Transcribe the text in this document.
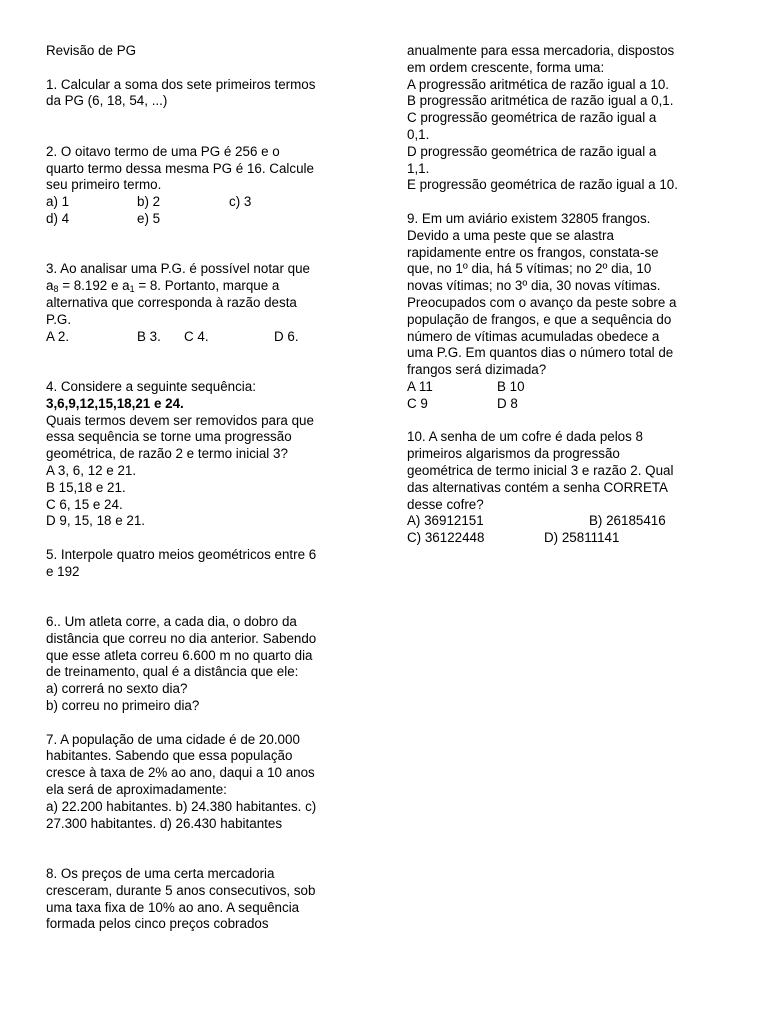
Revisão de PG
1. Calcular a soma dos sete primeiros termos
da PG (6, 18, 54, ...)
2. O oitavo termo de uma PG é 256 e o
quarto termo dessa mesma PG é 16. Calcule
seu primeiro termo.

a) 1

	b) 2

	c) 3

d) 4

	e) 5

3. Ao analisar uma P.G. é possível notar que
$a_8 = 8.192$ e $a_1 = 8$. Portanto, marque a
alternativa que corresponda à razão desta
P.G.

A 2.

	B 3.

C 4.

	D 6.

4. Considere a seguinte sequência:
3,6,9,12,15,18,21 e 24.
Quais termos devem ser removidos para que
essa sequência se torne uma progressão
geométrica, de razão 2 e termo inicial 3?
A 3, 6, 12 e 21.
B 15,18 e 21.
C 6, 15 e 24.
D 9, 15, 18 e 21.
5. Interpole quatro meios geométricos entre 6
e 192
6.. Um atleta corre, a cada dia, o dobro da
distância que correu no dia anterior. Sabendo
que esse atleta correu 6.600 m no quarto dia
de treinamento, qual é a distância que ele:
a) correrá no sexto dia?
b) correu no primeiro dia?
7. A população de uma cidade é de 20.000
habitantes. Sabendo que essa população
cresce à taxa de 2% ao ano, daqui a 10 anos
ela será de aproximadamente:
a) 22.200 habitantes. b) 24.380 habitantes. c)
27.300 habitantes. d) 26.430 habitantes
8. Os preços de uma certa mercadoria
cresceram, durante 5 anos consecutivos, sob
uma taxa fixa de 10% ao ano. A sequência
formada pelos cinco preços cobrados
anualmente para essa mercadoria, dispostos
em ordem crescente, forma uma:
A progressão aritmética de razão igual a 10.
B progressão aritmética de razão igual a 0,1.
C progressão geométrica de razão igual a
0,1.
D progressão geométrica de razão igual a
1,1.
E progressão geométrica de razão igual a 10.
9. Em um aviário existem 32805 frangos.
Devido a uma peste que se alastra
rapidamente entre os frangos, constata-se
que, no 1º dia, há 5 vítimas; no 2º dia, 10
novas vítimas; no 3º dia, 30 novas vítimas.
Preocupados com o avanço da peste sobre a
população de frangos, e que a sequência do
número de vítimas acumuladas obedece a
uma P.G. Em quantos dias o número total de
frangos será dizimada?

A 11

	B 10

C 9

	D 8

10. A senha de um cofre é dada pelos 8
primeiros algarismos da progressão
geométrica de termo inicial 3 e razão 2. Qual
das alternativas contém a senha CORRETA
desse cofre?

A) 36912151

	B) 26185416

C) 36122448

	D) 25811141
